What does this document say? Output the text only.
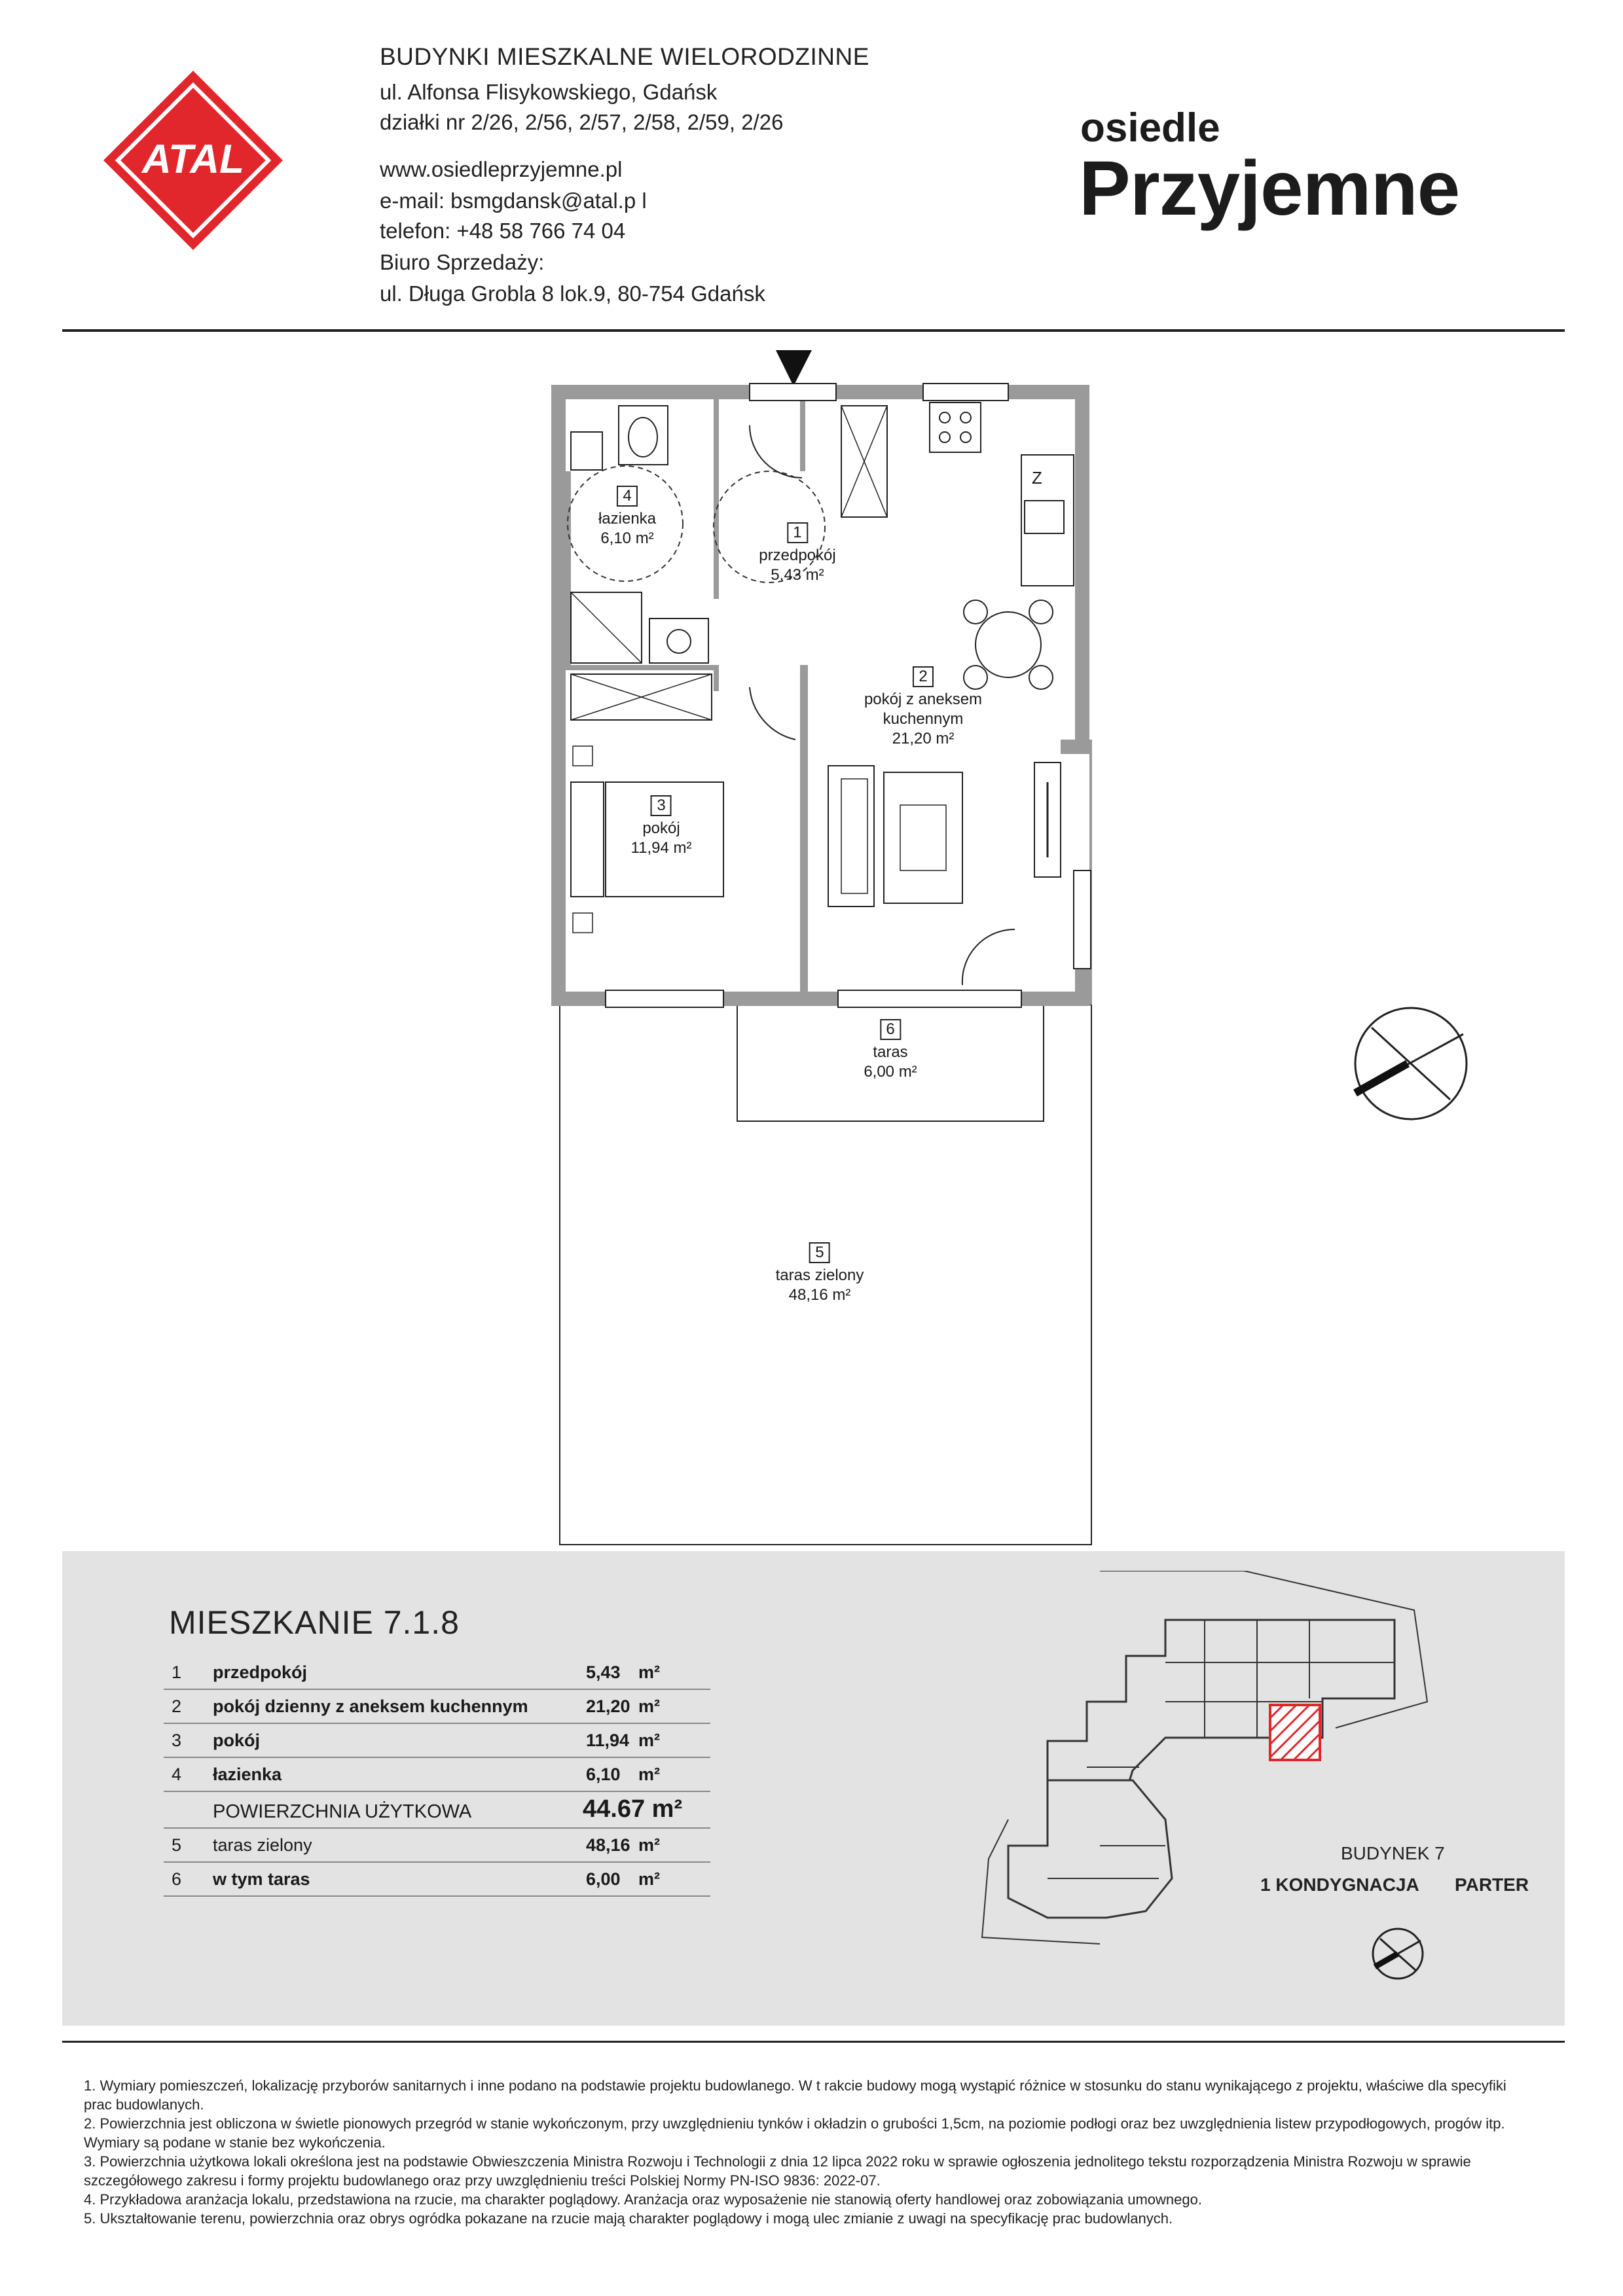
ATAL
BUDYNKI MIESZKALNE WIELORODZINNE
ul. Alfonsa Flisykowskiego, Gdańsk
działki nr 2/26, 2/56, 2/57, 2/58, 2/59, 2/26
www.osiedleprzyjemne.pl
e-mail: bsmgdansk@atal.p l
telefon: +48 58 766 74 04
Biuro Sprzedaży:
ul. Długa Grobla 8 lok.9, 80-754 Gdańsk
osiedle
Przyjemne
Z
1
przedpokój
5,43 m²
2
pokój z aneksem
kuchennym
21,20 m²
3
pokój
11,94 m²
4
łazienka
6,10 m²
6
taras
6,00 m²
5
taras zielony
48,16 m²
MIESZKANIE 7.1.8
1 przedpokój	5,43 m²
2 pokój dzienny z aneksem kuchennym	21,20 m²
3 pokój	11,94 m²
4 łazienka	6,10 m²
POWIERZCHNIA UŻYTKOWA	44.67 m²
5 taras zielony	48,16 m²
6 w tym taras	6,00 m²
BUDYNEK 7
1 KONDYGNACJA PARTER
1. Wymiary pomieszczeń, lokalizację przyborów sanitarnych i inne podano na podstawie projektu budowlanego. W t rakcie budowy mogą wystąpić różnice w stosunku do stanu wynikającego z projektu, właściwe dla specyfiki prac budowlanych.
2. Powierzchnia jest obliczona w świetle pionowych przegród w stanie wykończonym, przy uwzględnieniu tynków i okładzin o grubości 1,5cm, na poziomie podłogi oraz bez uwzględnienia listew przypodłogowych, progów itp. Wymiary są podane w stanie bez wykończenia.
3. Powierzchnia użytkowa lokali określona jest na podstawie Obwieszczenia Ministra Rozwoju i Technologii z dnia 12 lipca 2022 roku w sprawie ogłoszenia jednolitego tekstu rozporządzenia Ministra Rozwoju w sprawie szczegółowego zakresu i formy projektu budowlanego oraz przy uwzględnieniu treści Polskiej Normy PN-ISO 9836: 2022-07.
4. Przykładowa aranżacja lokalu, przedstawiona na rzucie, ma charakter poglądowy. Aranżacja oraz wyposażenie nie stanowią oferty handlowej oraz zobowiązania umownego.
5. Ukształtowanie terenu, powierzchnia oraz obrys ogródka pokazane na rzucie mają charakter poglądowy i mogą ulec zmianie z uwagi na specyfikację prac budowlanych.
